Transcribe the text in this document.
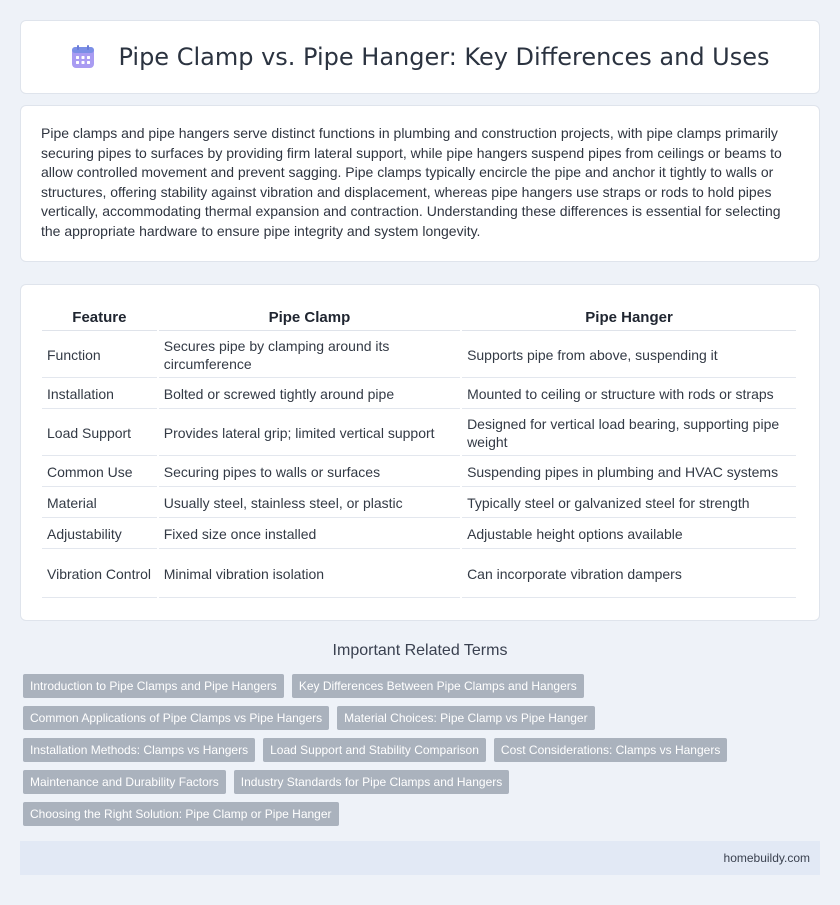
Pipe Clamp vs. Pipe Hanger: Key Differences and Uses

Pipe clamps and pipe hangers serve distinct functions in plumbing and construction projects, with pipe clamps primarily securing pipes to surfaces by providing firm lateral support, while pipe hangers suspend pipes from ceilings or beams to allow controlled movement and prevent sagging. Pipe clamps typically encircle the pipe and anchor it tightly to walls or structures, offering stability against vibration and displacement, whereas pipe hangers use straps or rods to hold pipes vertically, accommodating thermal expansion and contraction. Understanding these differences is essential for selecting the appropriate hardware to ensure pipe integrity and system longevity.

Feature	Pipe Clamp	Pipe Hanger
Function	Secures pipe by clamping around its circumference	Supports pipe from above, suspending it
Installation	Bolted or screwed tightly around pipe	Mounted to ceiling or structure with rods or straps
Load Support	Provides lateral grip; limited vertical support	Designed for vertical load bearing, supporting pipe weight
Common Use	Securing pipes to walls or surfaces	Suspending pipes in plumbing and HVAC systems
Material	Usually steel, stainless steel, or plastic	Typically steel or galvanized steel for strength
Adjustability	Fixed size once installed	Adjustable height options available
Vibration Control	Minimal vibration isolation	Can incorporate vibration dampers
Important Related Terms
Introduction to Pipe Clamps and Pipe Hangers	Key Differences Between Pipe Clamps and Hangers
Common Applications of Pipe Clamps vs Pipe Hangers	Material Choices: Pipe Clamp vs Pipe Hanger
Installation Methods: Clamps vs Hangers	Load Support and Stability Comparison	Cost Considerations: Clamps vs Hangers
Maintenance and Durability Factors	Industry Standards for Pipe Clamps and Hangers
Choosing the Right Solution: Pipe Clamp or Pipe Hanger
homebuildy.com
